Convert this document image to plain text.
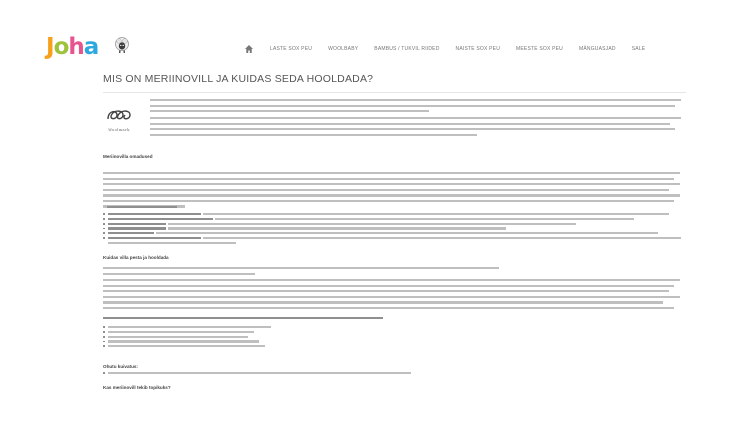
Joha	LASTE SOX PEU	WOOLBABY	BAMBUS / TUKVIL RIIDED	NAISTE SOX PEU	MEESTE SOX PEU	MÄNGUASJAD	SALE
MIS ON MERIINOVILL JA KUIDAS SEDA HOOLDADA?
Woolmark
Meriinovilla omadused
Kuidas villa pesta ja hooldada
Ohutu kuivatus:
Kas meriinovill tekib topikuks?
